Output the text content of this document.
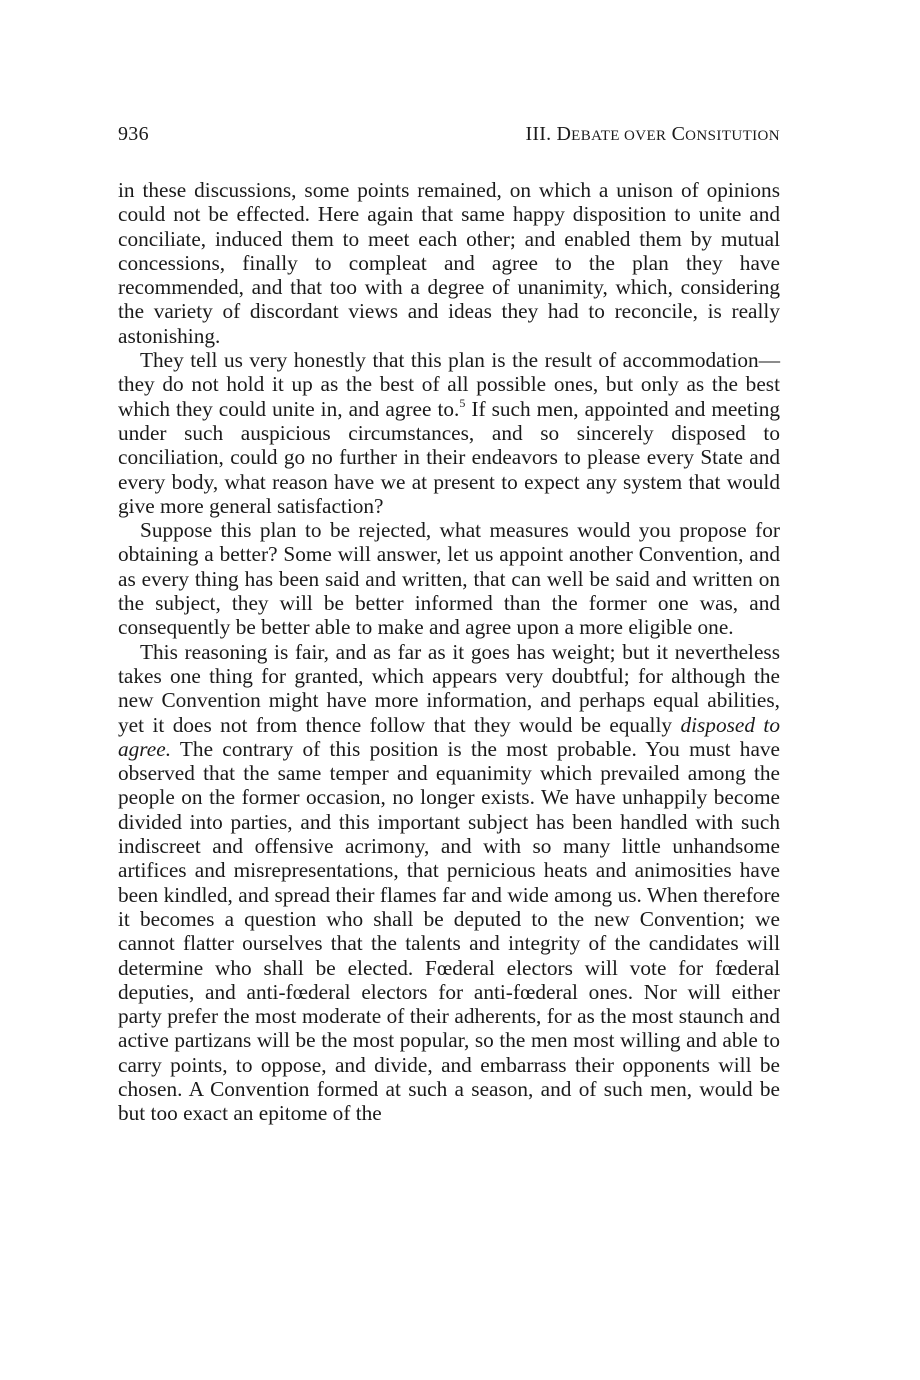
936	III. DEBATE OVER CONSITUTION

in these discussions, some points remained, on which a unison of opinions could not be effected. Here again that same happy disposition to unite and conciliate, induced them to meet each other; and enabled them by mutual concessions, finally to compleat and agree to the plan they have recommended, and that too with a degree of unanimity, which, considering the variety of discordant views and ideas they had to reconcile, is really astonishing.

They tell us very honestly that this plan is the result of accommodation—they do not hold it up as the best of all possible ones, but only as the best which they could unite in, and agree to.$^5$ If such men, appointed and meeting under such auspicious circumstances, and so sincerely disposed to conciliation, could go no further in their endeavors to please every State and every body, what reason have we at present to expect any system that would give more general satisfaction?

Suppose this plan to be rejected, what measures would you propose for obtaining a better? Some will answer, let us appoint another Convention, and as every thing has been said and written, that can well be said and written on the subject, they will be better informed than the former one was, and consequently be better able to make and agree upon a more eligible one.

This reasoning is fair, and as far as it goes has weight; but it nevertheless takes one thing for granted, which appears very doubtful; for although the new Convention might have more information, and perhaps equal abilities, yet it does not from thence follow that they would be equally disposed to agree. The contrary of this position is the most probable. You must have observed that the same temper and equanimity which prevailed among the people on the former occasion, no longer exists. We have unhappily become divided into parties, and this important subject has been handled with such indiscreet and offensive acrimony, and with so many little unhandsome artifices and misrepresentations, that pernicious heats and animosities have been kindled, and spread their flames far and wide among us. When therefore it becomes a question who shall be deputed to the new Convention; we cannot flatter ourselves that the talents and integrity of the candidates will determine who shall be elected. Fœderal electors will vote for fœderal deputies, and anti-fœderal electors for anti-fœderal ones. Nor will either party prefer the most moderate of their adherents, for as the most staunch and active partizans will be the most popular, so the men most willing and able to carry points, to oppose, and divide, and embarrass their opponents will be chosen. A Convention formed at such a season, and of such men, would be but too exact an epitome of the
